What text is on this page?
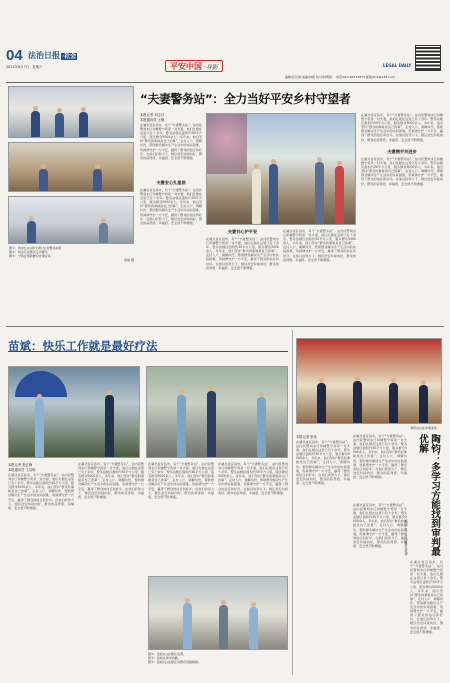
04 法治日报 ·社会
2021年8月7日 星期六	平安中国 ·身影	LEGAL DAILY
编辑/张红梅 美编/林蕾 校对/林明锋 电话/010-84772877 邮箱/fzrb@163.com
图①：刘永红(右)和宁莉(左)在警务站里
图②：刘永红在辖区走访群众
图③：宁莉在帮助群众办理业务
黄丽 摄
“夫妻警务站”：全力当好平安乡村守望者
本报记者 刘志月
本报通讯员 王楠
在湖北省宜昌市，有个“夫妻警务站”。站内民警刘永红和辅警宁莉是一对夫妻，他们扎根在这里已有十余年。警务站辖区面积约30平方公里，服务群众5000余人。多年来，他们坚持“群众的事就是自己的事”，走村入户，调解纠纷，帮助群众解决生产生活中的实际困难，用真情守护一方平安，赢得了群众的信任和好评。在他们的努力下，辖区治安持续向好，群众的获得感、幸福感、安全感不断增强。
夫妻安心扎基层
在湖北省宜昌市，有个“夫妻警务站”。站内民警刘永红和辅警宁莉是一对夫妻，他们扎根在这里已有十余年。警务站辖区面积约30平方公里，服务群众5000余人。多年来，他们坚持“群众的事就是自己的事”，走村入户，调解纠纷，帮助群众解决生产生活中的实际困难，用真情守护一方平安，赢得了群众的信任和好评。在他们的努力下，辖区治安持续向好，群众的获得感、幸福感、安全感不断增强。
夫妻共心护平安
在湖北省宜昌市，有个“夫妻警务站”。站内民警刘永红和辅警宁莉是一对夫妻，他们扎根在这里已有十余年。警务站辖区面积约30平方公里，服务群众5000余人。多年来，他们坚持“群众的事就是自己的事”，走村入户，调解纠纷，帮助群众解决生产生活中的实际困难，用真情守护一方平安，赢得了群众的信任和好评。在他们的努力下，辖区治安持续向好，群众的获得感、幸福感、安全感不断增强。
在湖北省宜昌市，有个“夫妻警务站”。站内民警刘永红和辅警宁莉是一对夫妻，他们扎根在这里已有十余年。警务站辖区面积约30平方公里，服务群众5000余人。多年来，他们坚持“群众的事就是自己的事”，走村入户，调解纠纷，帮助群众解决生产生活中的实际困难，用真情守护一方平安，赢得了群众的信任和好评。在他们的努力下，辖区治安持续向好，群众的获得感、幸福感、安全感不断增强。
在湖北省宜昌市，有个“夫妻警务站”。站内民警刘永红和辅警宁莉是一对夫妻，他们扎根在这里已有十余年。警务站辖区面积约30平方公里，服务群众5000余人。多年来，他们坚持“群众的事就是自己的事”，走村入户，调解纠纷，帮助群众解决生产生活中的实际困难，用真情守护一方平安，赢得了群众的信任和好评。在他们的努力下，辖区治安持续向好，群众的获得感、幸福感、安全感不断增强。
夫妻携手共进步
在湖北省宜昌市，有个“夫妻警务站”。站内民警刘永红和辅警宁莉是一对夫妻，他们扎根在这里已有十余年。警务站辖区面积约30平方公里，服务群众5000余人。多年来，他们坚持“群众的事就是自己的事”，走村入户，调解纠纷，帮助群众解决生产生活中的实际困难，用真情守护一方平安，赢得了群众的信任和好评。在他们的努力下，辖区治安持续向好，群众的获得感、幸福感、安全感不断增强。
苗斌：快乐工作就是最好疗法
本报记者 张红梅
本报通讯员 王启明
在湖北省宜昌市，有个“夫妻警务站”。站内民警刘永红和辅警宁莉是一对夫妻，他们扎根在这里已有十余年。警务站辖区面积约30平方公里，服务群众5000余人。多年来，他们坚持“群众的事就是自己的事”，走村入户，调解纠纷，帮助群众解决生产生活中的实际困难，用真情守护一方平安，赢得了群众的信任和好评。在他们的努力下，辖区治安持续向好，群众的获得感、幸福感、安全感不断增强。
在湖北省宜昌市，有个“夫妻警务站”。站内民警刘永红和辅警宁莉是一对夫妻，他们扎根在这里已有十余年。警务站辖区面积约30平方公里，服务群众5000余人。多年来，他们坚持“群众的事就是自己的事”，走村入户，调解纠纷，帮助群众解决生产生活中的实际困难，用真情守护一方平安，赢得了群众的信任和好评。在他们的努力下，辖区治安持续向好，群众的获得感、幸福感、安全感不断增强。
在湖北省宜昌市，有个“夫妻警务站”。站内民警刘永红和辅警宁莉是一对夫妻，他们扎根在这里已有十余年。警务站辖区面积约30平方公里，服务群众5000余人。多年来，他们坚持“群众的事就是自己的事”，走村入户，调解纠纷，帮助群众解决生产生活中的实际困难，用真情守护一方平安，赢得了群众的信任和好评。在他们的努力下，辖区治安持续向好，群众的获得感、幸福感、安全感不断增强。
在湖北省宜昌市，有个“夫妻警务站”。站内民警刘永红和辅警宁莉是一对夫妻，他们扎根在这里已有十余年。警务站辖区面积约30平方公里，服务群众5000余人。多年来，他们坚持“群众的事就是自己的事”，走村入户，调解纠纷，帮助群众解决生产生活中的实际困难，用真情守护一方平安，赢得了群众的信任和好评。在他们的努力下，辖区治安持续向好，群众的获得感、幸福感、安全感不断增强。
图①：苗斌(右)在辖区巡逻。
图②：苗斌在雨中执勤。
图③：苗斌(左)在辖区为群众答疑解惑。
陶钧(右)在审理案件。
本报记者 张伟
在湖北省宜昌市，有个“夫妻警务站”。站内民警刘永红和辅警宁莉是一对夫妻，他们扎根在这里已有十余年。警务站辖区面积约30平方公里，服务群众5000余人。多年来，他们坚持“群众的事就是自己的事”，走村入户，调解纠纷，帮助群众解决生产生活中的实际困难，用真情守护一方平安，赢得了群众的信任和好评。在他们的努力下，辖区治安持续向好，群众的获得感、幸福感、安全感不断增强。
在湖北省宜昌市，有个“夫妻警务站”。站内民警刘永红和辅警宁莉是一对夫妻，他们扎根在这里已有十余年。警务站辖区面积约30平方公里，服务群众5000余人。多年来，他们坚持“群众的事就是自己的事”，走村入户，调解纠纷，帮助群众解决生产生活中的实际困难，用真情守护一方平安，赢得了群众的信任和好评。在他们的努力下，辖区治安持续向好，群众的获得感、幸福感、安全感不断增强。
在湖北省宜昌市，有个“夫妻警务站”。站内民警刘永红和辅警宁莉是一对夫妻，他们扎根在这里已有十余年。警务站辖区面积约30平方公里，服务群众5000余人。多年来，他们坚持“群众的事就是自己的事”，走村入户，调解纠纷，帮助群众解决生产生活中的实际困难，用真情守护一方平安，赢得了群众的信任和好评。在他们的努力下，辖区治安持续向好，群众的获得感、幸福感、安全感不断增强。
在湖北省宜昌市，有个“夫妻警务站”。站内民警刘永红和辅警宁莉是一对夫妻，他们扎根在这里已有十余年。警务站辖区面积约30平方公里，服务群众5000余人。多年来，他们坚持“群众的事就是自己的事”，走村入户，调解纠纷，帮助群众解决生产生活中的实际困难，用真情守护一方平安，赢得了群众的信任和好评。在他们的努力下，辖区治安持续向好，群众的获得感、幸福感、安全感不断增强。
陶钧：多学习方能找到审判最优解
陶钧(左一)与同事研究案情
